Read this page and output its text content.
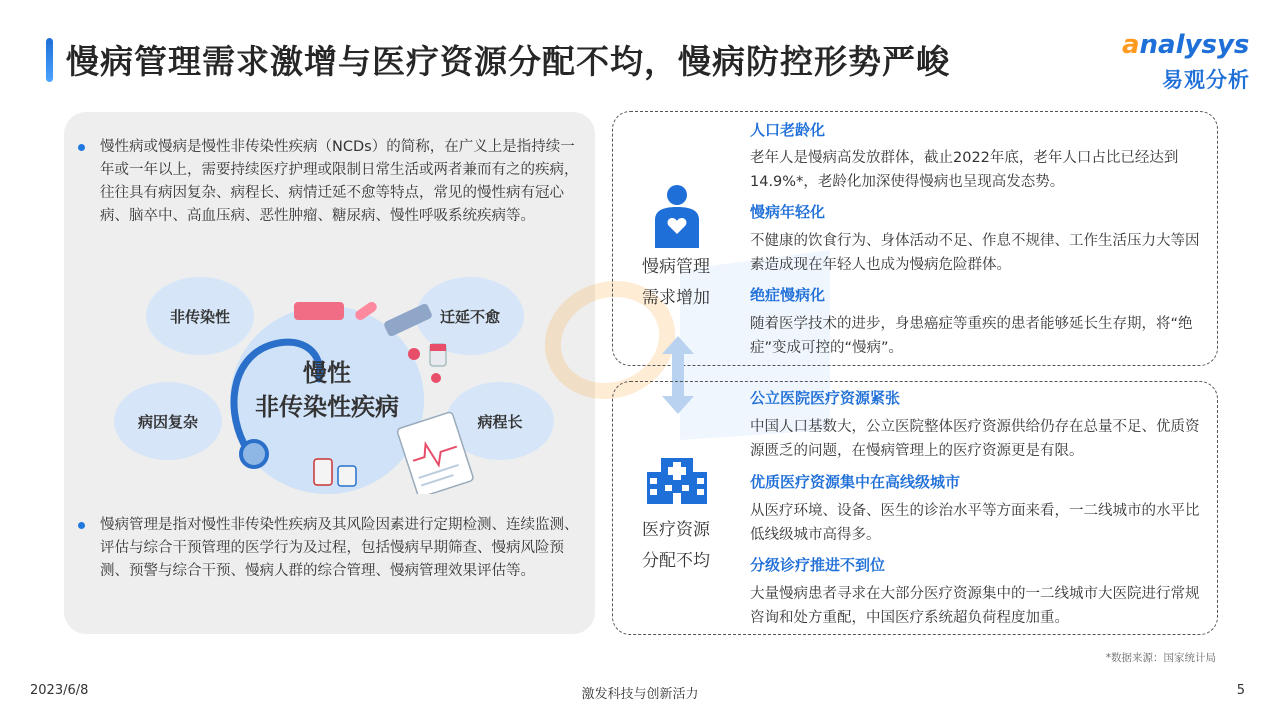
慢病管理需求激增与医疗资源分配不均，慢病防控形势严峻	analysys
易观分析
慢性病或慢病是慢性非传染性疾病（NCDs）的简称，在广义上是指持续一年或一年以上，需要持续医疗护理或限制日常生活或两者兼而有之的疾病，往往具有病因复杂、病程长、病情迁延不愈等特点，常见的慢性病有冠心病、脑卒中、高血压病、恶性肿瘤、糖尿病、慢性呼吸系统疾病等。
非传染性	迁延不愈
病因复杂	病程长
慢性
非传染性疾病
慢病管理是指对慢性非传染性疾病及其风险因素进行定期检测、连续监测、评估与综合干预管理的医学行为及过程，包括慢病早期筛查、慢病风险预测、预警与综合干预、慢病人群的综合管理、慢病管理效果评估等。
慢病管理
需求增加
人口老龄化
老年人是慢病高发放群体，截止2022年底，老年人口占比已经达到14.9%*，老龄化加深使得慢病也呈现高发态势。
慢病年轻化
不健康的饮食行为、身体活动不足、作息不规律、工作生活压力大等因素造成现在年轻人也成为慢病危险群体。
绝症慢病化
随着医学技术的进步，身患癌症等重疾的患者能够延长生存期，将“绝症”变成可控的“慢病”。
医疗资源
分配不均
公立医院医疗资源紧张
中国人口基数大，公立医院整体医疗资源供给仍存在总量不足、优质资源匮乏的问题，在慢病管理上的医疗资源更是有限。
优质医疗资源集中在高线级城市
从医疗环境、设备、医生的诊治水平等方面来看，一二线城市的水平比低线级城市高得多。
分级诊疗推进不到位
大量慢病患者寻求在大部分医疗资源集中的一二线城市大医院进行常规咨询和处方重配，中国医疗系统超负荷程度加重。
*数据来源：国家统计局
2023/6/8	激发科技与创新活力	5
